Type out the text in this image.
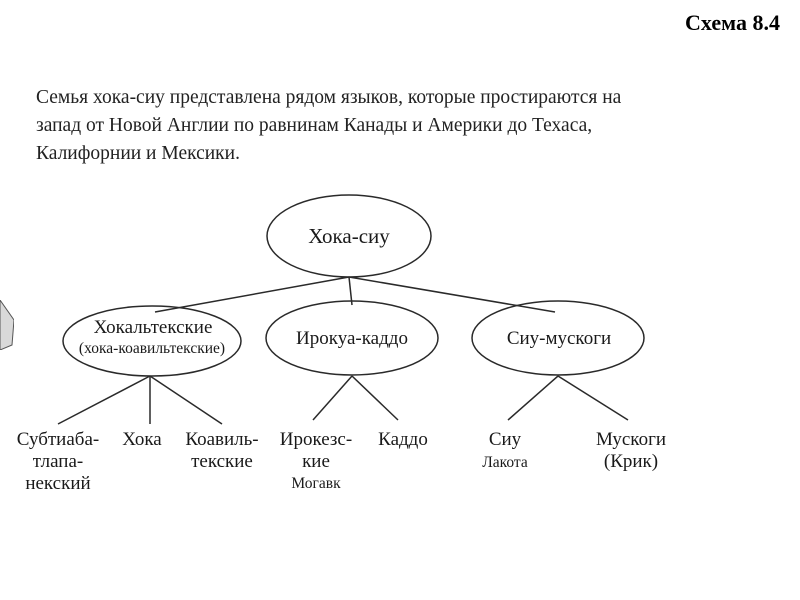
Схема 8.4
Семья хока-сиу представлена рядом языков, которые простираются на
запад от Новой Англии по равнинам Канады и Америки до Техаса,
Калифорнии и Мексики.
Хока-сиу
Хокальтекские
(хока-коавильтекские)	Ирокуа-каддо	Сиу-мускоги
Субтиаба-
тлапа-
некский
Хока Коавиль-
текские
Ирокезс-
кие
Могавк
Каддо	Сиу
Лакота
Мускоги
(Крик)
